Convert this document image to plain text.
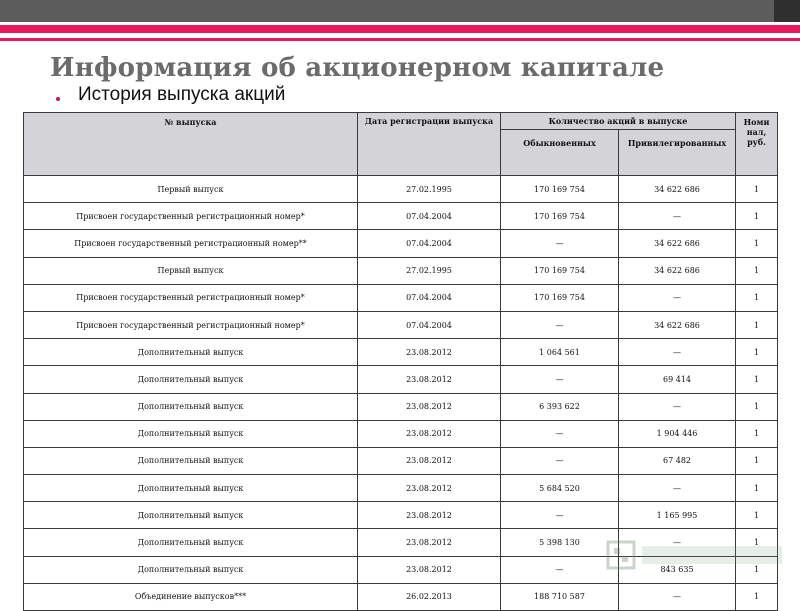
Информация об акционерном капитале
История выпуска акций
№ выпуска	Дата регистрации выпуска	Количество акций в выпуске		Номи нал, руб.
		Обыкновенных	Привилегированных	
Первый выпуск	27.02.1995	170 169 754	34 622 686	1
Присвоен государственный регистрационный номер*	07.04.2004	170 169 754	—	1
Присвоен государственный регистрационный номер**	07.04.2004	—	34 622 686	1
Первый выпуск	27.02.1995	170 169 754	34 622 686	1
Присвоен государственный регистрационный номер*	07.04.2004	170 169 754	—	1
Присвоен государственный регистрационный номер*	07.04.2004	—	34 622 686	1
Дополнительный выпуск	23.08.2012	1 064 561	—	1
Дополнительный выпуск	23.08.2012	—	69 414	1
Дополнительный выпуск	23.08.2012	6 393 622	—	1
Дополнительный выпуск	23.08.2012	—	1 904 446	1
Дополнительный выпуск	23.08.2012	—	67 482	1
Дополнительный выпуск	23.08.2012	5 684 520	—	1
Дополнительный выпуск	23.08.2012	—	1 165 995	1
Дополнительный выпуск	23.08.2012	5 398 130	—	1
Дополнительный выпуск	23.08.2012	—	843 635	1
Объединение выпусков***	26.02.2013	188 710 587	—	1
